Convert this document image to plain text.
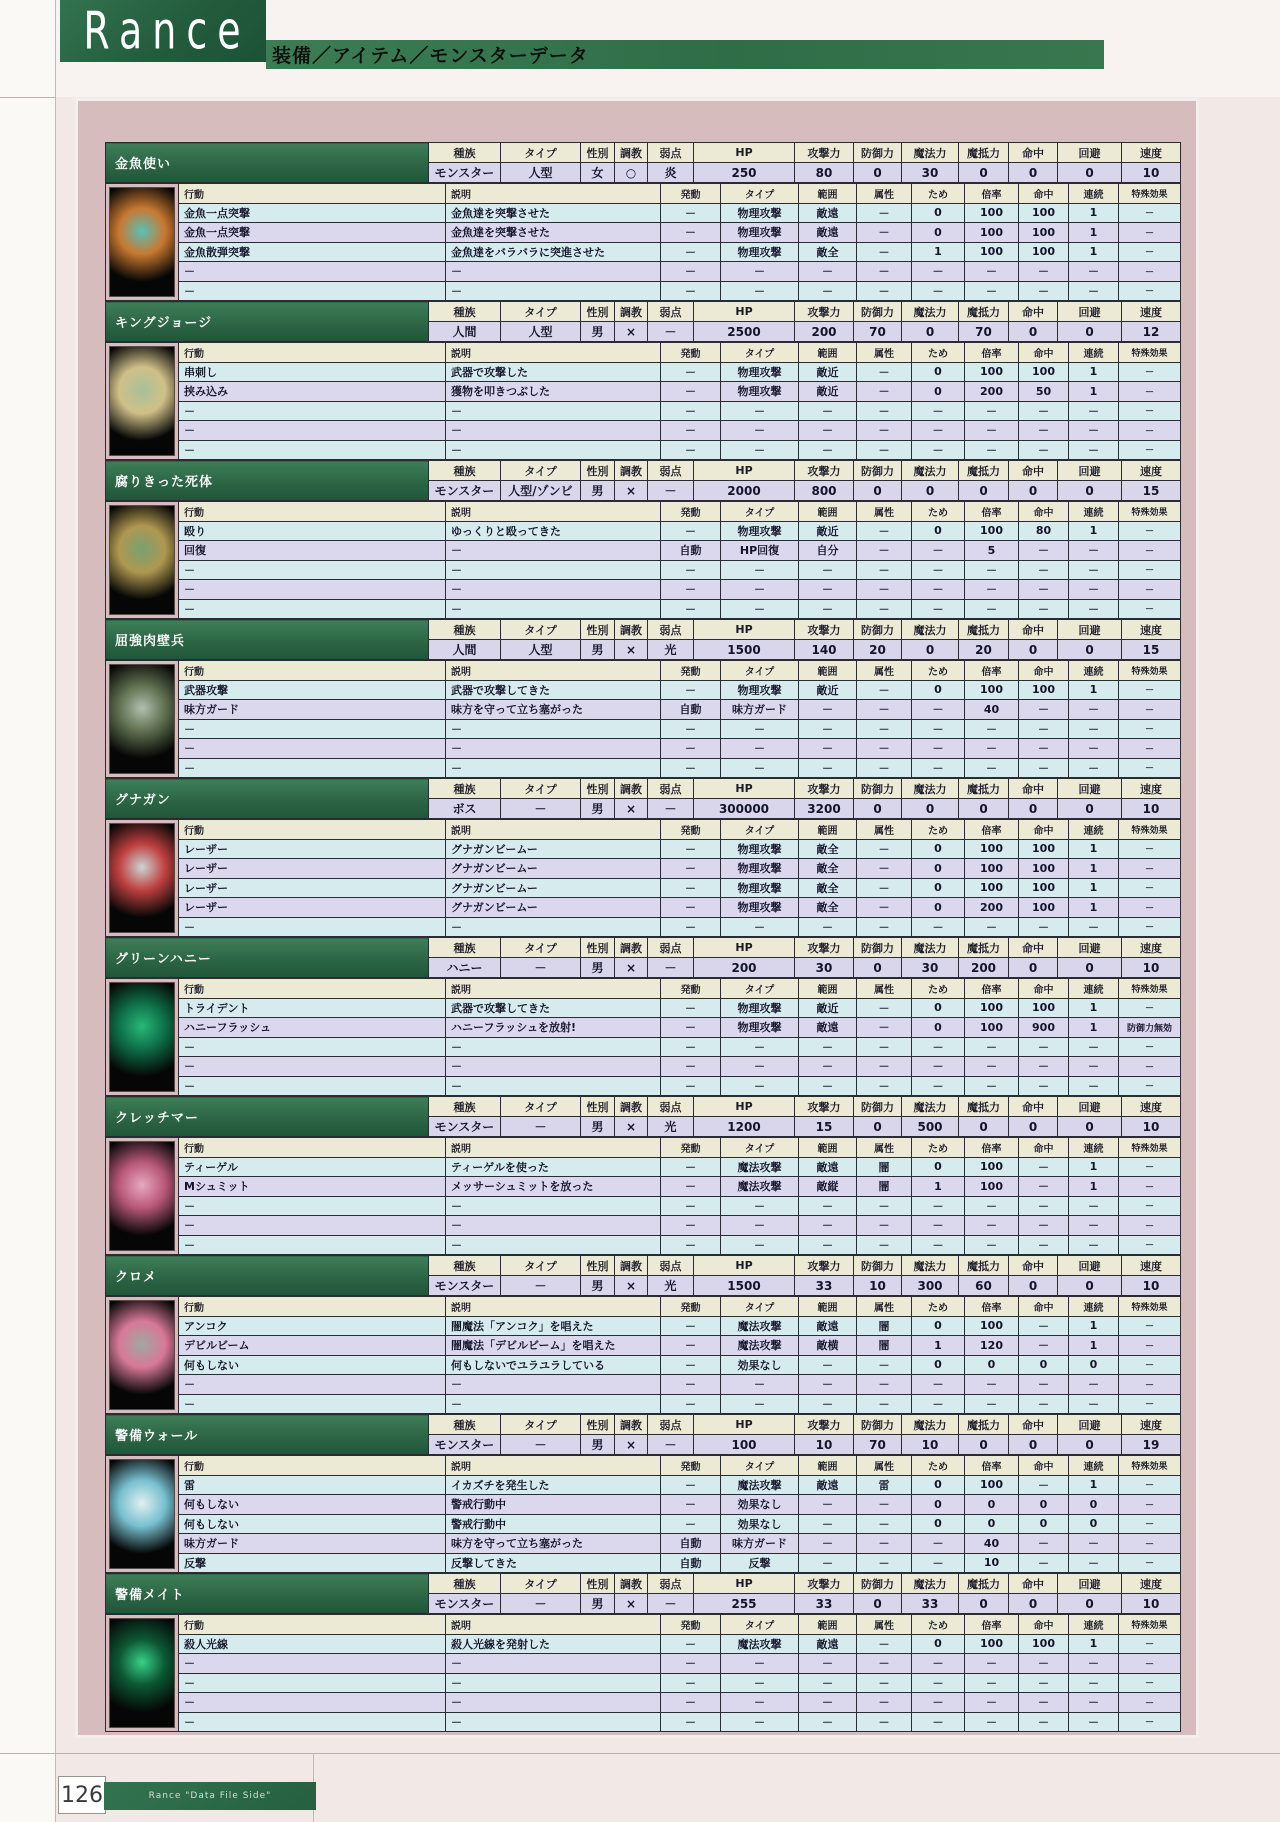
Rance	装備／アイテム／モンスターデータ
金魚使い	種族	タイプ	性別	調教	弱点	HP	攻撃力	防御力	魔法力	魔抵力	命中	回避	速度
	モンスター	人型	女	○	炎	250	80	0	30	0	0	0	10
	行動	説明	発動	タイプ	範囲	属性	ため	倍率	命中	連続	特殊効果
	金魚一点突撃	金魚達を突撃させた	－	物理攻撃	敵遠	－	0	100	100	1	－
	金魚一点突撃	金魚達を突撃させた	－	物理攻撃	敵遠	－	0	100	100	1	－
	金魚散弾突撃	金魚達をバラバラに突進させた	－	物理攻撃	敵全	－	1	100	100	1	－
	－	－	－	－	－	－	－	－	－	－	－
	－	－	－	－	－	－	－	－	－	－	－
キングジョージ	種族	タイプ	性別	調教	弱点	HP	攻撃力	防御力	魔法力	魔抵力	命中	回避	速度
	人間	人型	男	×	－	2500	200	70	0	70	0	0	12
	行動	説明	発動	タイプ	範囲	属性	ため	倍率	命中	連続	特殊効果
	串刺し	武器で攻撃した	－	物理攻撃	敵近	－	0	100	100	1	－
	挟み込み	獲物を叩きつぶした	－	物理攻撃	敵近	－	0	200	50	1	－
	－	－	－	－	－	－	－	－	－	－	－
	－	－	－	－	－	－	－	－	－	－	－
	－	－	－	－	－	－	－	－	－	－	－
腐りきった死体	種族	タイプ	性別	調教	弱点	HP	攻撃力	防御力	魔法力	魔抵力	命中	回避	速度
	モンスター	人型/ゾンビ	男	×	－	2000	800	0	0	0	0	0	15
	行動	説明	発動	タイプ	範囲	属性	ため	倍率	命中	連続	特殊効果
	殴り	ゆっくりと殴ってきた	－	物理攻撃	敵近	－	0	100	80	1	－
	回復	－	自動	HP回復	自分	－	－	5	－	－	－
	－	－	－	－	－	－	－	－	－	－	－
	－	－	－	－	－	－	－	－	－	－	－
	－	－	－	－	－	－	－	－	－	－	－
屈強肉壁兵	種族	タイプ	性別	調教	弱点	HP	攻撃力	防御力	魔法力	魔抵力	命中	回避	速度
	人間	人型	男	×	光	1500	140	20	0	20	0	0	15
	行動	説明	発動	タイプ	範囲	属性	ため	倍率	命中	連続	特殊効果
	武器攻撃	武器で攻撃してきた	－	物理攻撃	敵近	－	0	100	100	1	－
	味方ガード	味方を守って立ち塞がった	自動	味方ガード	－	－	－	40	－	－	－
	－	－	－	－	－	－	－	－	－	－	－
	－	－	－	－	－	－	－	－	－	－	－
	－	－	－	－	－	－	－	－	－	－	－
グナガン	種族	タイプ	性別	調教	弱点	HP	攻撃力	防御力	魔法力	魔抵力	命中	回避	速度
	ボス	－	男	×	－	300000	3200	0	0	0	0	0	10
	行動	説明	発動	タイプ	範囲	属性	ため	倍率	命中	連続	特殊効果
	レーザー	グナガンビームー	－	物理攻撃	敵全	－	0	100	100	1	－
	レーザー	グナガンビームー	－	物理攻撃	敵全	－	0	100	100	1	－
	レーザー	グナガンビームー	－	物理攻撃	敵全	－	0	100	100	1	－
	レーザー	グナガンビームー	－	物理攻撃	敵全	－	0	200	100	1	－
	－	－	－	－	－	－	－	－	－	－	－
グリーンハニー	種族	タイプ	性別	調教	弱点	HP	攻撃力	防御力	魔法力	魔抵力	命中	回避	速度
	ハニー	－	男	×	－	200	30	0	30	200	0	0	10
	行動	説明	発動	タイプ	範囲	属性	ため	倍率	命中	連続	特殊効果
	トライデント	武器で攻撃してきた	－	物理攻撃	敵近	－	0	100	100	1	－
	ハニーフラッシュ	ハニーフラッシュを放射!	－	物理攻撃	敵遠	－	0	100	900	1	防御力無効
	－	－	－	－	－	－	－	－	－	－	－
	－	－	－	－	－	－	－	－	－	－	－
	－	－	－	－	－	－	－	－	－	－	－
クレッチマー	種族	タイプ	性別	調教	弱点	HP	攻撃力	防御力	魔法力	魔抵力	命中	回避	速度
	モンスター	－	男	×	光	1200	15	0	500	0	0	0	10
	行動	説明	発動	タイプ	範囲	属性	ため	倍率	命中	連続	特殊効果
	ティーゲル	ティーゲルを使った	－	魔法攻撃	敵遠	闇	0	100	－	1	－
	Mシュミット	メッサーシュミットを放った	－	魔法攻撃	敵縦	闇	1	100	－	1	－
	－	－	－	－	－	－	－	－	－	－	－
	－	－	－	－	－	－	－	－	－	－	－
	－	－	－	－	－	－	－	－	－	－	－
クロメ	種族	タイプ	性別	調教	弱点	HP	攻撃力	防御力	魔法力	魔抵力	命中	回避	速度
	モンスター	－	男	×	光	1500	33	10	300	60	0	0	10
	行動	説明	発動	タイプ	範囲	属性	ため	倍率	命中	連続	特殊効果
	アンコク	闇魔法「アンコク」を唱えた	－	魔法攻撃	敵遠	闇	0	100	－	1	－
	デビルビーム	闇魔法「デビルビーム」を唱えた	－	魔法攻撃	敵横	闇	1	120	－	1	－
	何もしない	何もしないでユラユラしている	－	効果なし	－	－	0	0	0	0	－
	－	－	－	－	－	－	－	－	－	－	－
	－	－	－	－	－	－	－	－	－	－	－
警備ウォール	種族	タイプ	性別	調教	弱点	HP	攻撃力	防御力	魔法力	魔抵力	命中	回避	速度
	モンスター	－	男	×	－	100	10	70	10	0	0	0	19
	行動	説明	発動	タイプ	範囲	属性	ため	倍率	命中	連続	特殊効果
	雷	イカズチを発生した	－	魔法攻撃	敵遠	雷	0	100	－	1	－
	何もしない	警戒行動中	－	効果なし	－	－	0	0	0	0	－
	何もしない	警戒行動中	－	効果なし	－	－	0	0	0	0	－
	味方ガード	味方を守って立ち塞がった	自動	味方ガード	－	－	－	40	－	－	－
	反撃	反撃してきた	自動	反撃	－	－	－	10	－	－	－
警備メイト	種族	タイプ	性別	調教	弱点	HP	攻撃力	防御力	魔法力	魔抵力	命中	回避	速度
	モンスター	－	男	×	－	255	33	0	33	0	0	0	10
	行動	説明	発動	タイプ	範囲	属性	ため	倍率	命中	連続	特殊効果
	殺人光線	殺人光線を発射した	－	魔法攻撃	敵遠	－	0	100	100	1	－
	－	－	－	－	－	－	－	－	－	－	－
	－	－	－	－	－	－	－	－	－	－	－
	－	－	－	－	－	－	－	－	－	－	－
	－	－	－	－	－	－	－	－	－	－	－
126	Rance "Data File Side"
